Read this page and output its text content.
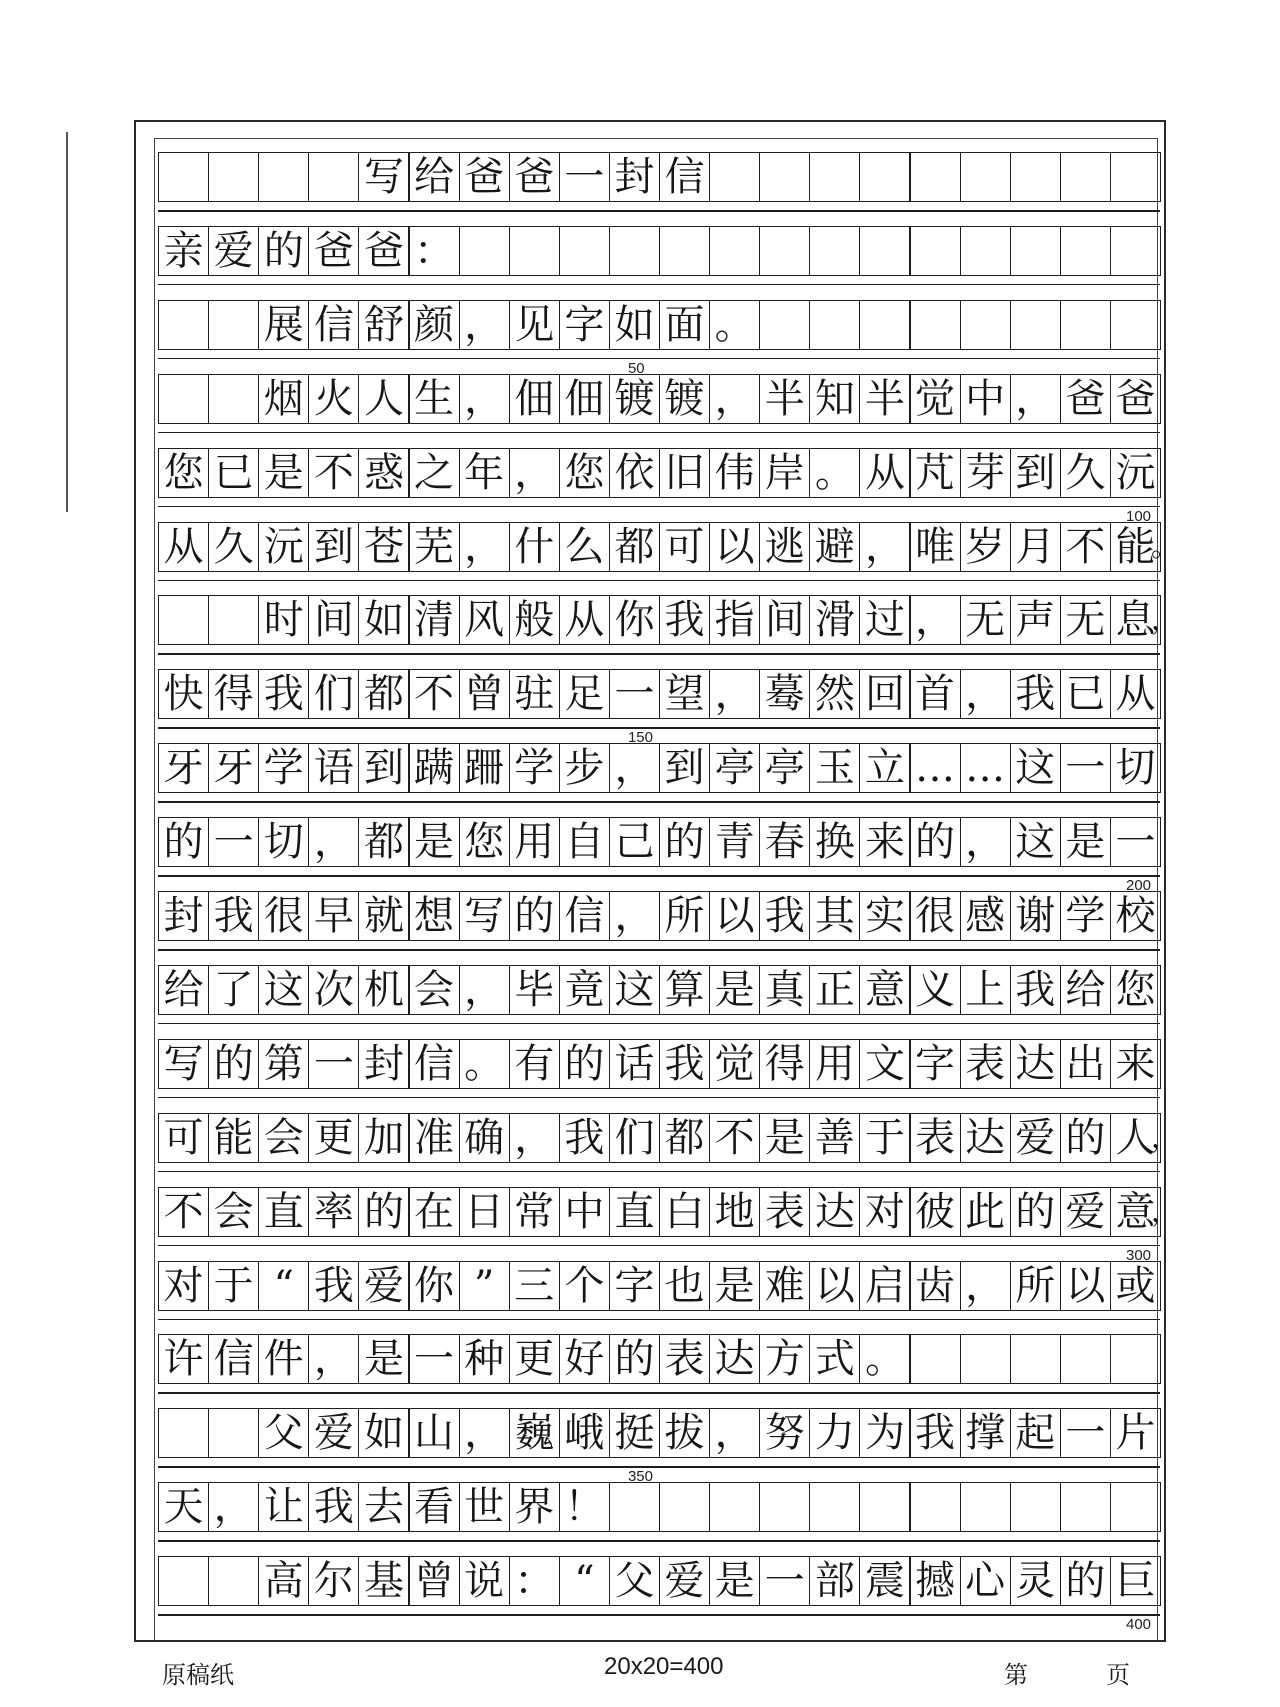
写 给 爸 爸 一 封 信
亲 爱 的 爸 爸 ：
展 信 舒 颜 ， 见 字 如 面 。
烟 火 人 生 ， 佃 佃 镀 镀 ， 半 知 半 觉 中 ， 爸 爸
您 已 是 不 惑 之 年 ， 您 依 旧 伟 岸 。 从 芃 芽 到 久 沅
从 久 沅 到 苍 芜 ， 什 么 都 可 以 逃 避 ， 唯 岁 月 不 能
。
时 间 如 清 风 般 从 你 我 指 间 滑 过 ， 无 声 无 息
，
快 得 我 们 都 不 曾 驻 足 一 望 ， 蓦 然 回 首 ， 我 已 从
牙 牙 学 语 到 蹒 跚 学 步 ， 到 亭 亭 玉 立 … … 这 一 切
的 一 切 ， 都 是 您 用 自 己 的 青 春 换 来 的 ， 这 是 一
封 我 很 早 就 想 写 的 信 ， 所 以 我 其 实 很 感 谢 学 校
给 了 这 次 机 会 ， 毕 竟 这 算 是 真 正 意 义 上 我 给 您
写 的 第 一 封 信 。 有 的 话 我 觉 得 用 文 字 表 达 出 来
可 能 会 更 加 准 确 ， 我 们 都 不 是 善 于 表 达 爱 的 人
，
不 会 直 率 的 在 日 常 中 直 白 地 表 达 对 彼 此 的 爱 意
，
对 于 “ 我 爱 你 ” 三 个 字 也 是 难 以 启 齿 ， 所 以 或
许 信 件 ， 是 一 种 更 好 的 表 达 方 式 。
父 爱 如 山 ， 巍 峨 挺 拔 ， 努 力 为 我 撑 起 一 片
天 ， 让 我 去 看 世 界 ！
高 尔 基 曾 说 ： “ 父 爱 是 一 部 震 撼 心 灵 的 巨
50
100
150
200
300
350
400
原稿纸	20x20=400	第	页
